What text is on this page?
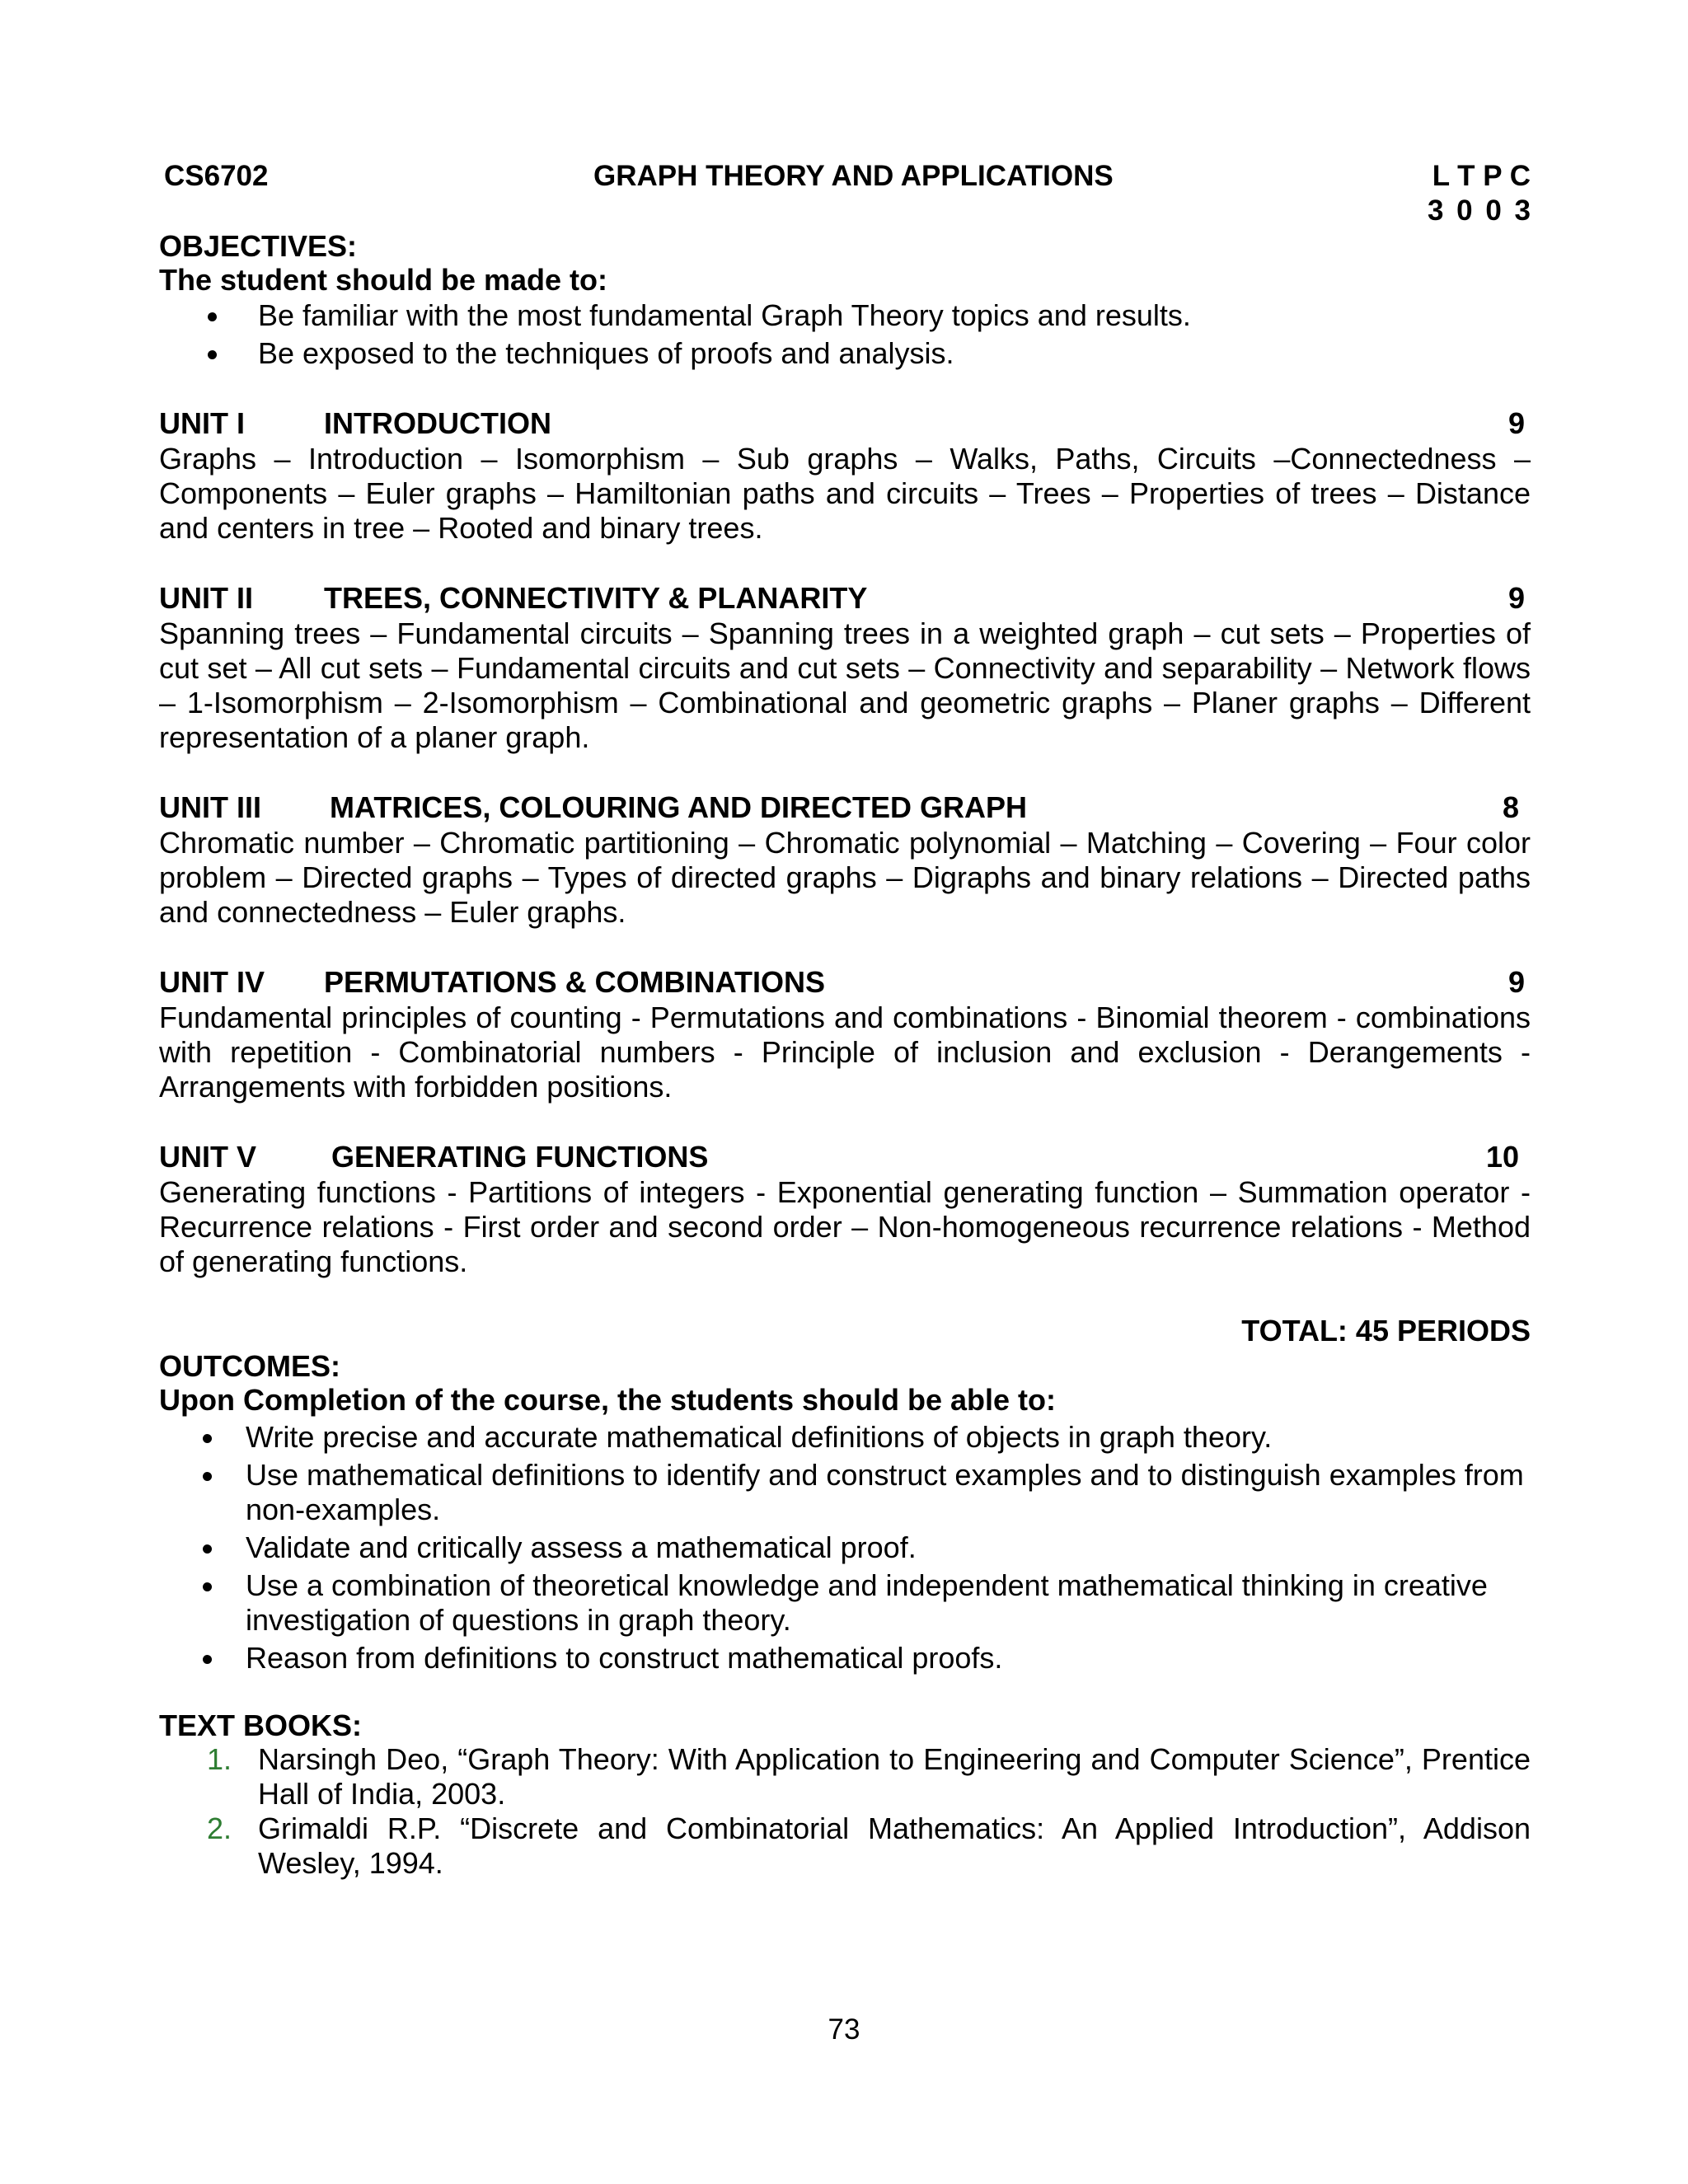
CS6702	GRAPH THEORY AND APPLICATIONS	L T P C
3 0 0 3
OBJECTIVES:
The student should be made to:
Be familiar with the most fundamental Graph Theory topics and results.
Be exposed to the techniques of proofs and analysis.
UNIT I	INTRODUCTION	9
Graphs – Introduction – Isomorphism – Sub graphs – Walks, Paths, Circuits –Connectedness – Components – Euler graphs – Hamiltonian paths and circuits – Trees – Properties of trees – Distance and centers in tree – Rooted and binary trees.
UNIT II TREES, CONNECTIVITY & PLANARITY	9
Spanning trees – Fundamental circuits – Spanning trees in a weighted graph – cut sets – Properties of cut set – All cut sets – Fundamental circuits and cut sets – Connectivity and separability – Network flows – 1-Isomorphism – 2-Isomorphism – Combinational and geometric graphs – Planer graphs – Different representation of a planer graph.
UNIT III MATRICES, COLOURING AND DIRECTED GRAPH	8
Chromatic number – Chromatic partitioning – Chromatic polynomial – Matching – Covering – Four color problem – Directed graphs – Types of directed graphs – Digraphs and binary relations – Directed paths and connectedness – Euler graphs.
UNIT IV PERMUTATIONS & COMBINATIONS	9
Fundamental principles of counting - Permutations and combinations - Binomial theorem - combinations with repetition - Combinatorial numbers - Principle of inclusion and exclusion - Derangements - Arrangements with forbidden positions.
UNIT V	GENERATING FUNCTIONS	10
Generating functions - Partitions of integers - Exponential generating function – Summation operator - Recurrence relations - First order and second order – Non-homogeneous recurrence relations - Method of generating functions.
TOTAL: 45 PERIODS
OUTCOMES:
Upon Completion of the course, the students should be able to:
Write precise and accurate mathematical definitions of objects in graph theory.
Use mathematical definitions to identify and construct examples and to distinguish examples from non-examples.
Validate and critically assess a mathematical proof.
Use a combination of theoretical knowledge and independent mathematical thinking in creative investigation of questions in graph theory.
Reason from definitions to construct mathematical proofs.
TEXT BOOKS:
1. Narsingh Deo, “Graph Theory: With Application to Engineering and Computer Science”, Prentice Hall of India, 2003.
2. Grimaldi R.P. “Discrete and Combinatorial Mathematics: An Applied Introduction”, Addison Wesley, 1994.
73
